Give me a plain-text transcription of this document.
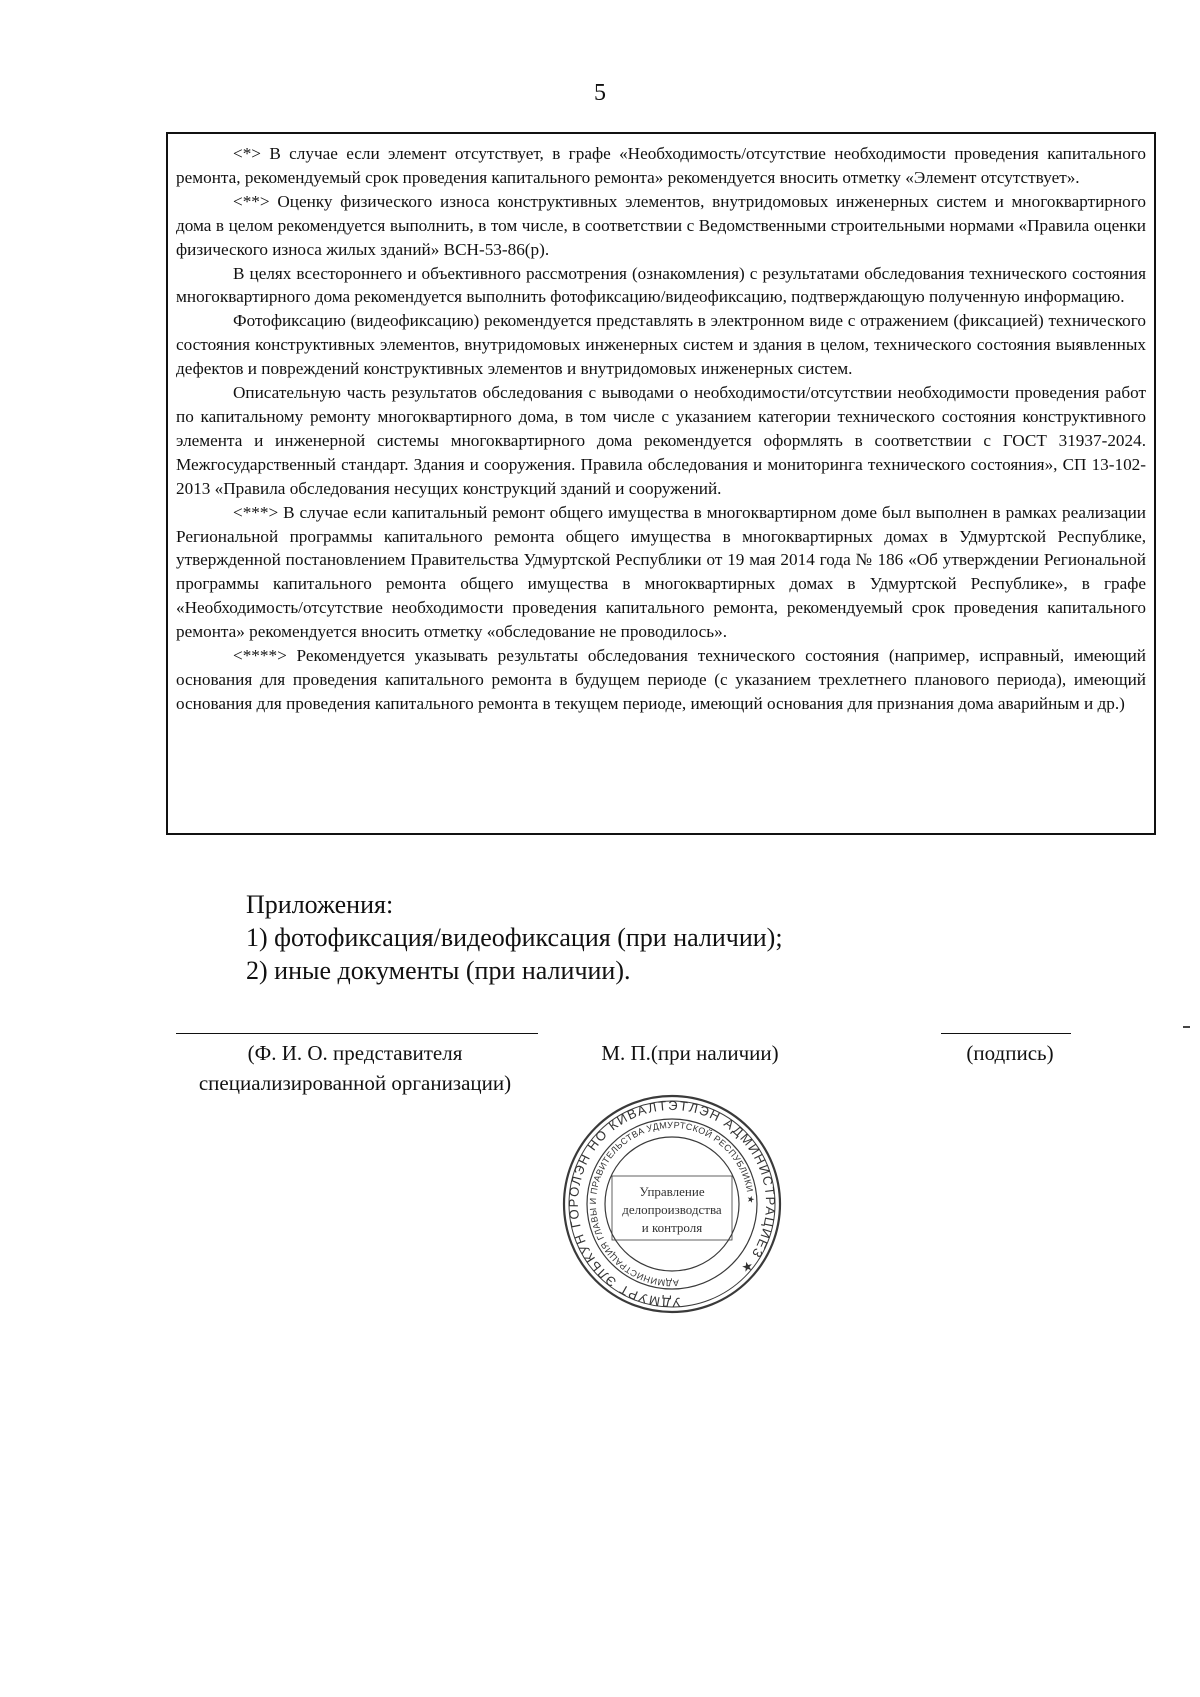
5

<*> В случае если элемент отсутствует, в графе «Необходимость/отсутствие необходимости проведения капитального ремонта, рекомендуемый срок проведения капитального ремонта» рекомендуется вносить отметку «Элемент отсутствует».

<**> Оценку физического износа конструктивных элементов, внутридомовых инженерных систем и многоквартирного дома в целом рекомендуется выполнить, в том числе, в соответствии с Ведомственными строительными нормами «Правила оценки физического износа жилых зданий» ВСН-53-86(р).

В целях всестороннего и объективного рассмотрения (ознакомления) с результатами обследования технического состояния многоквартирного дома рекомендуется выполнить фотофиксацию/видеофиксацию, подтверждающую полученную информацию.

Фотофиксацию (видеофиксацию) рекомендуется представлять в электронном виде с отражением (фиксацией) технического состояния конструктивных элементов, внутридомовых инженерных систем и здания в целом, технического состояния выявленных дефектов и повреждений конструктивных элементов и внутридомовых инженерных систем.

Описательную часть результатов обследования с выводами о необходимости/отсутствии необходимости проведения работ по капитальному ремонту многоквартирного дома, в том числе с указанием категории технического состояния конструктивного элемента и инженерной системы многоквартирного дома рекомендуется оформлять в соответствии с ГОСТ 31937-2024. Межгосударственный стандарт. Здания и сооружения. Правила обследования и мониторинга технического состояния», СП 13-102-2013 «Правила обследования несущих конструкций зданий и сооружений.

<***> В случае если капитальный ремонт общего имущества в многоквартирном доме был выполнен в рамках реализации Региональной программы капитального ремонта общего имущества в многоквартирных домах в Удмуртской Республике, утвержденной постановлением Правительства Удмуртской Республики от 19 мая 2014 года № 186 «Об утверждении Региональной программы капитального ремонта общего имущества в многоквартирных домах в Удмуртской Республике», в графе «Необходимость/отсутствие необходимости проведения капитального ремонта, рекомендуемый срок проведения капитального ремонта» рекомендуется вносить отметку «обследование не проводилось».

<****> Рекомендуется указывать результаты обследования технического состояния (например, исправный, имеющий основания для проведения капитального ремонта в будущем периоде (с указанием трехлетнего планового периода), имеющий основания для проведения капитального ремонта в текущем периоде, имеющий основания для признания дома аварийным и др.)

Приложения:
1) фотофиксация/видеофиксация (при наличии);
2) иные документы (при наличии).
(Ф. И. О. представителя
специализированной организации)
М. П.(при наличии)	(подпись)
УДМУРТ ЭЛЬКУН ГОРОЛЭН НО КИВАЛТЭТЛЭН АДМИНИСТРАЦИЕЗ ★
АДМИНИСТРАЦИЯ ГЛАВЫ И ПРАВИТЕЛЬСТВА УДМУРТСКОЙ РЕСПУБЛИКИ ★
Управление
делопроизводства
и контроля
